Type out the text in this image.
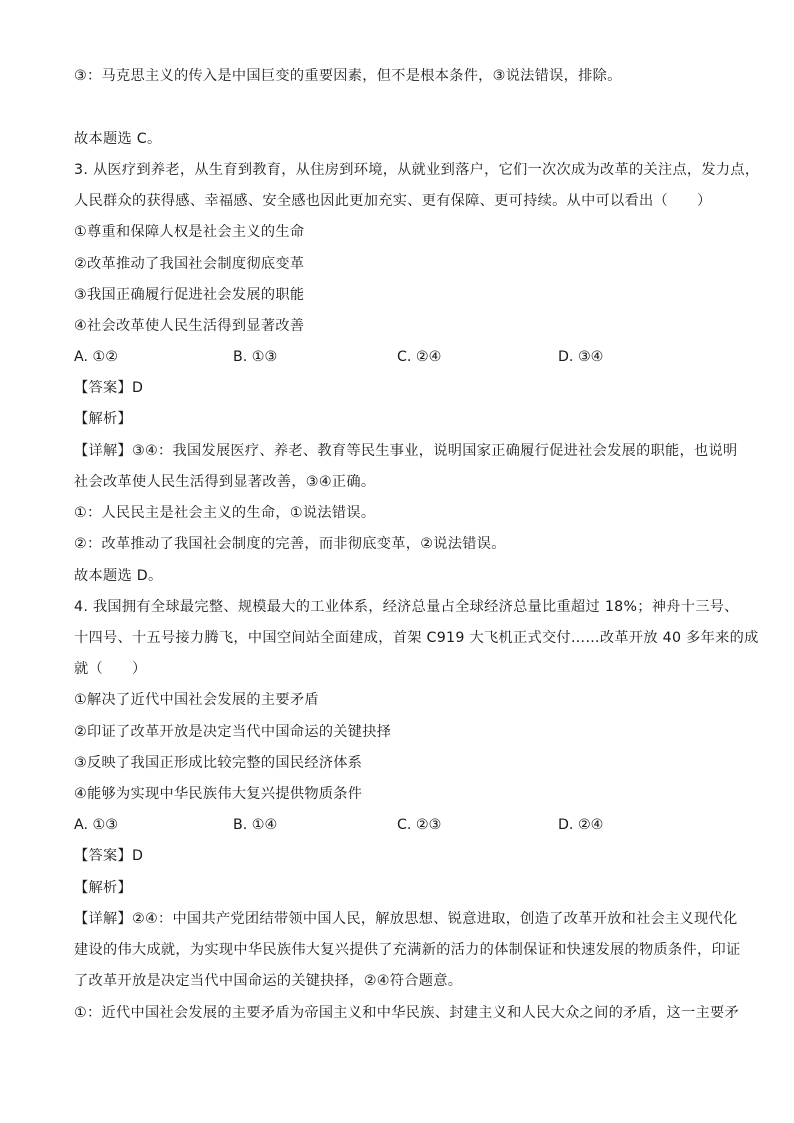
③：马克思主义的传入是中国巨变的重要因素，但不是根本条件，③说法错误，排除。
故本题选 C。
3. 从医疗到养老，从生育到教育，从住房到环境，从就业到落户，它们一次次成为改革的关注点，发力点，
人民群众的获得感、幸福感、安全感也因此更加充实、更有保障、更可持续。从中可以看出（　　）
①尊重和保障人权是社会主义的生命
②改革推动了我国社会制度彻底变革
③我国正确履行促进社会发展的职能
④社会改革使人民生活得到显著改善
A. ①②	B. ①③	C. ②④	D. ③④
【答案】D
【解析】
【详解】③④：我国发展医疗、养老、教育等民生事业，说明国家正确履行促进社会发展的职能，也说明
社会改革使人民生活得到显著改善，③④正确。
①：人民民主是社会主义的生命，①说法错误。
②：改革推动了我国社会制度的完善，而非彻底变革，②说法错误。
故本题选 D。
4. 我国拥有全球最完整、规模最大的工业体系，经济总量占全球经济总量比重超过 18%；神舟十三号、
十四号、十五号接力腾飞，中国空间站全面建成，首架 C919 大飞机正式交付……改革开放 40 多年来的成
就（　　）
①解决了近代中国社会发展的主要矛盾
②印证了改革开放是决定当代中国命运的关键抉择
③反映了我国正形成比较完整的国民经济体系
④能够为实现中华民族伟大复兴提供物质条件
A. ①③	B. ①④	C. ②③	D. ②④
【答案】D
【解析】
【详解】②④：中国共产党团结带领中国人民，解放思想、锐意进取，创造了改革开放和社会主义现代化
建设的伟大成就，为实现中华民族伟大复兴提供了充满新的活力的体制保证和快速发展的物质条件，印证
了改革开放是决定当代中国命运的关键抉择，②④符合题意。
①：近代中国社会发展的主要矛盾为帝国主义和中华民族、封建主义和人民大众之间的矛盾，这一主要矛
